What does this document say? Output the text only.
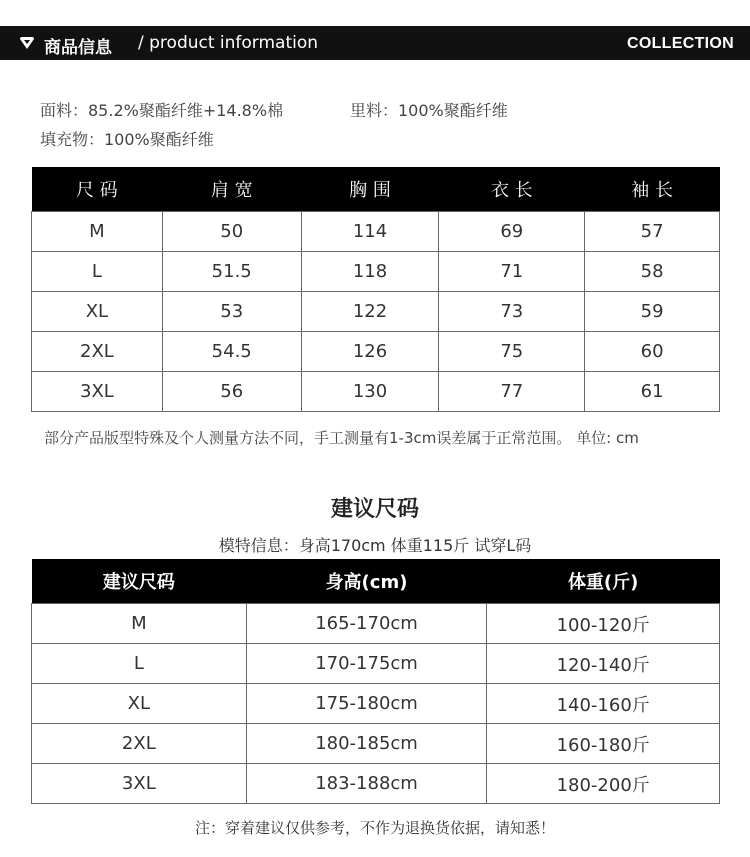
商品信息 / product information	COLLECTION
面料：85.2%聚酯纤维+14.8%棉	里料：100%聚酯纤维
填充物：100%聚酯纤维
尺 码	肩 宽	胸 围	衣 长	袖 长
M	50	114	69	57
L	51.5	118	71	58
XL	53	122	73	59
2XL	54.5	126	75	60
3XL	56	130	77	61
部分产品版型特殊及个人测量方法不同，手工测量有1-3cm误差属于正常范围。 单位: cm
建议尺码
模特信息：身高170cm 体重115斤 试穿L码
建议尺码	身高(cm)	体重(斤)
M	165-170cm	100-120斤
L	170-175cm	120-140斤
XL	175-180cm	140-160斤
2XL	180-185cm	160-180斤
3XL	183-188cm	180-200斤
注：穿着建议仅供参考，不作为退换货依据，请知悉！
